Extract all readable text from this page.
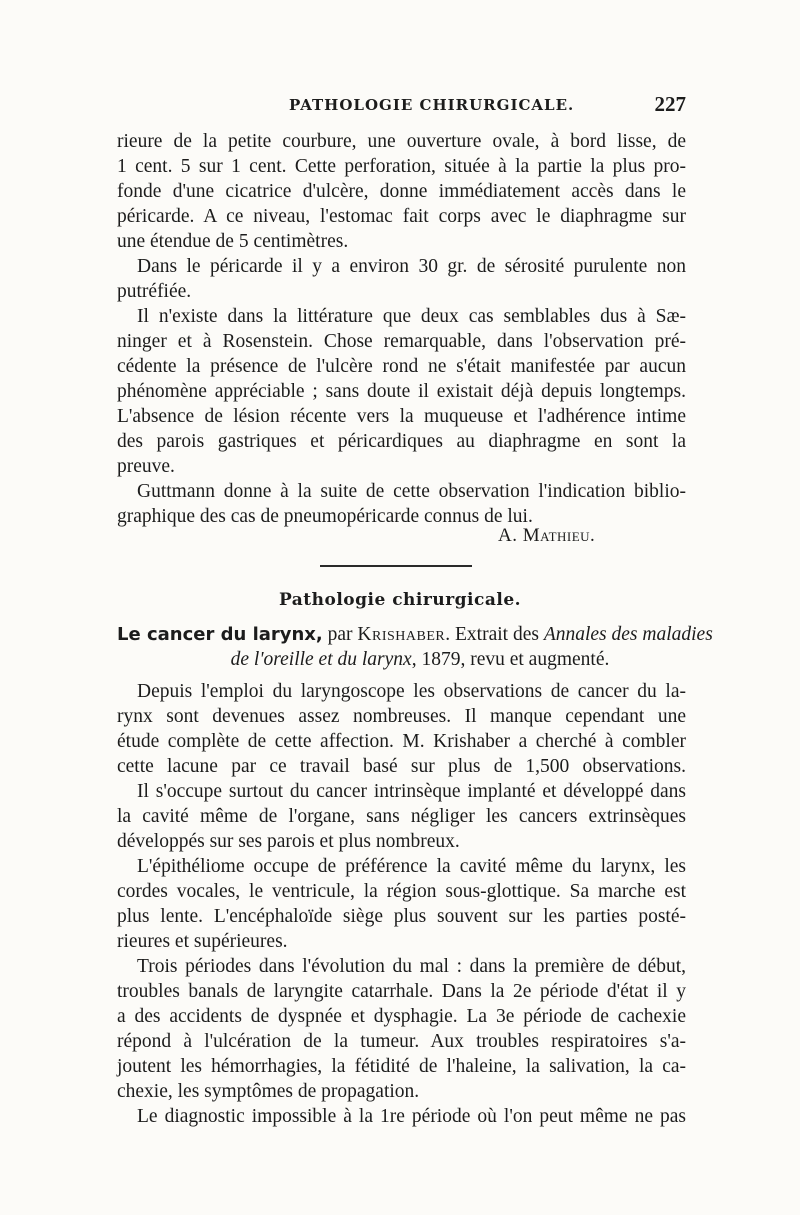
PATHOLOGIE CHIRURGICALE.	227
rieure de la petite courbure, une ouverture ovale, à bord lisse, de
1 cent. 5 sur 1 cent. Cette perforation, située à la partie la plus pro-
fonde d'une cicatrice d'ulcère, donne immédiatement accès dans le
péricarde. A ce niveau, l'estomac fait corps avec le diaphragme sur
une étendue de 5 centimètres.
Dans le péricarde il y a environ 30 gr. de sérosité purulente non
putréfiée.
Il n'existe dans la littérature que deux cas semblables dus à Sæ-
ninger et à Rosenstein. Chose remarquable, dans l'observation pré-
cédente la présence de l'ulcère rond ne s'était manifestée par aucun
phénomène appréciable ; sans doute il existait déjà depuis longtemps.
L'absence de lésion récente vers la muqueuse et l'adhérence intime
des parois gastriques et péricardiques au diaphragme en sont la
preuve.
Guttmann donne à la suite de cette observation l'indication biblio-
graphique des cas de pneumopéricarde connus de lui.
A. Mathieu.
Pathologie chirurgicale.
Le cancer du larynx, par Krishaber. Extrait des Annales des maladies
de l'oreille et du larynx, 1879, revu et augmenté.
Depuis l'emploi du laryngoscope les observations de cancer du la-
rynx sont devenues assez nombreuses. Il manque cependant une
étude complète de cette affection. M. Krishaber a cherché à combler
cette lacune par ce travail basé sur plus de 1,500 observations.
Il s'occupe surtout du cancer intrinsèque implanté et développé dans
la cavité même de l'organe, sans négliger les cancers extrinsèques
développés sur ses parois et plus nombreux.
L'épithéliome occupe de préférence la cavité même du larynx, les
cordes vocales, le ventricule, la région sous-glottique. Sa marche est
plus lente. L'encéphaloïde siège plus souvent sur les parties posté-
rieures et supérieures.
Trois périodes dans l'évolution du mal : dans la première de début,
troubles banals de laryngite catarrhale. Dans la 2e période d'état il y
a des accidents de dyspnée et dysphagie. La 3e période de cachexie
répond à l'ulcération de la tumeur. Aux troubles respiratoires s'a-
joutent les hémorrhagies, la fétidité de l'haleine, la salivation, la ca-
chexie, les symptômes de propagation.
Le diagnostic impossible à la 1re période où l'on peut même ne pas
